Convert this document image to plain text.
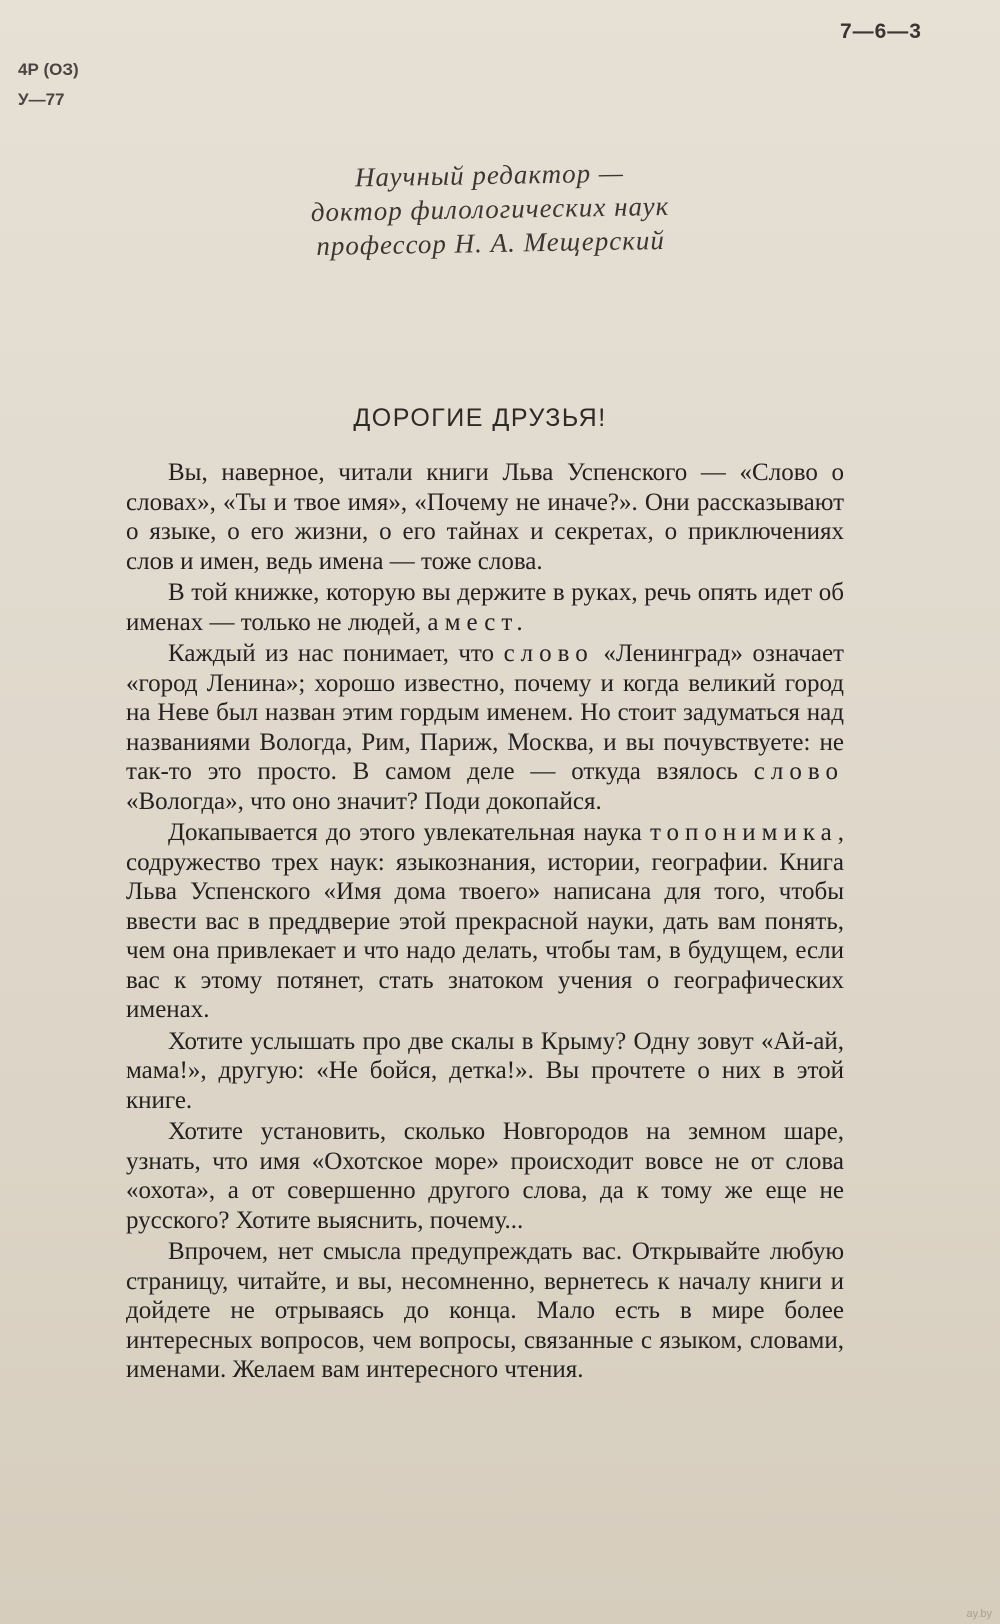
7—6—3
4Р (ОЗ)
У—77
Научный редактор —
доктор филологических наук
профессор Н. А. Мещерский
ДОРОГИЕ ДРУЗЬЯ!

Вы, наверное, читали книги Льва Успенского — «Слово о словах», «Ты и твое имя», «Почему не иначе?». Они рассказывают о языке, о его жизни, о его тайнах и секретах, о приключениях слов и имен, ведь имена — тоже слова.

В той книжке, которую вы держите в руках, речь опять идет об именах — только не людей, а мест.

Каждый из нас понимает, что слово «Ленинград» означает «город Ленина»; хорошо известно, почему и когда великий город на Неве был назван этим гордым именем. Но стоит задуматься над названиями Вологда, Рим, Париж, Москва, и вы почувствуете: не так-то это просто. В самом деле — откуда взялось слово «Вологда», что оно значит? Поди докопайся.

Докапывается до этого увлекательная наука топонимика, содружество трех наук: языкознания, истории, географии. Книга Льва Успенского «Имя дома твоего» написана для того, чтобы ввести вас в преддверие этой прекрасной науки, дать вам понять, чем она привлекает и что надо делать, чтобы там, в будущем, если вас к этому потянет, стать знатоком учения о географических именах.

Хотите услышать про две скалы в Крыму? Одну зовут «Ай-ай, мама!», другую: «Не бойся, детка!». Вы прочтете о них в этой книге.

Хотите установить, сколько Новгородов на земном шаре, узнать, что имя «Охотское море» происходит вовсе не от слова «охота», а от совершенно другого слова, да к тому же еще не русского? Хотите выяснить, почему...

Впрочем, нет смысла предупреждать вас. Открывайте любую страницу, читайте, и вы, несомненно, вернетесь к началу книги и дойдете не отрываясь до конца. Мало есть в мире более интересных вопросов, чем вопросы, связанные с языком, словами, именами. Желаем вам интересного чтения.

ay.by
